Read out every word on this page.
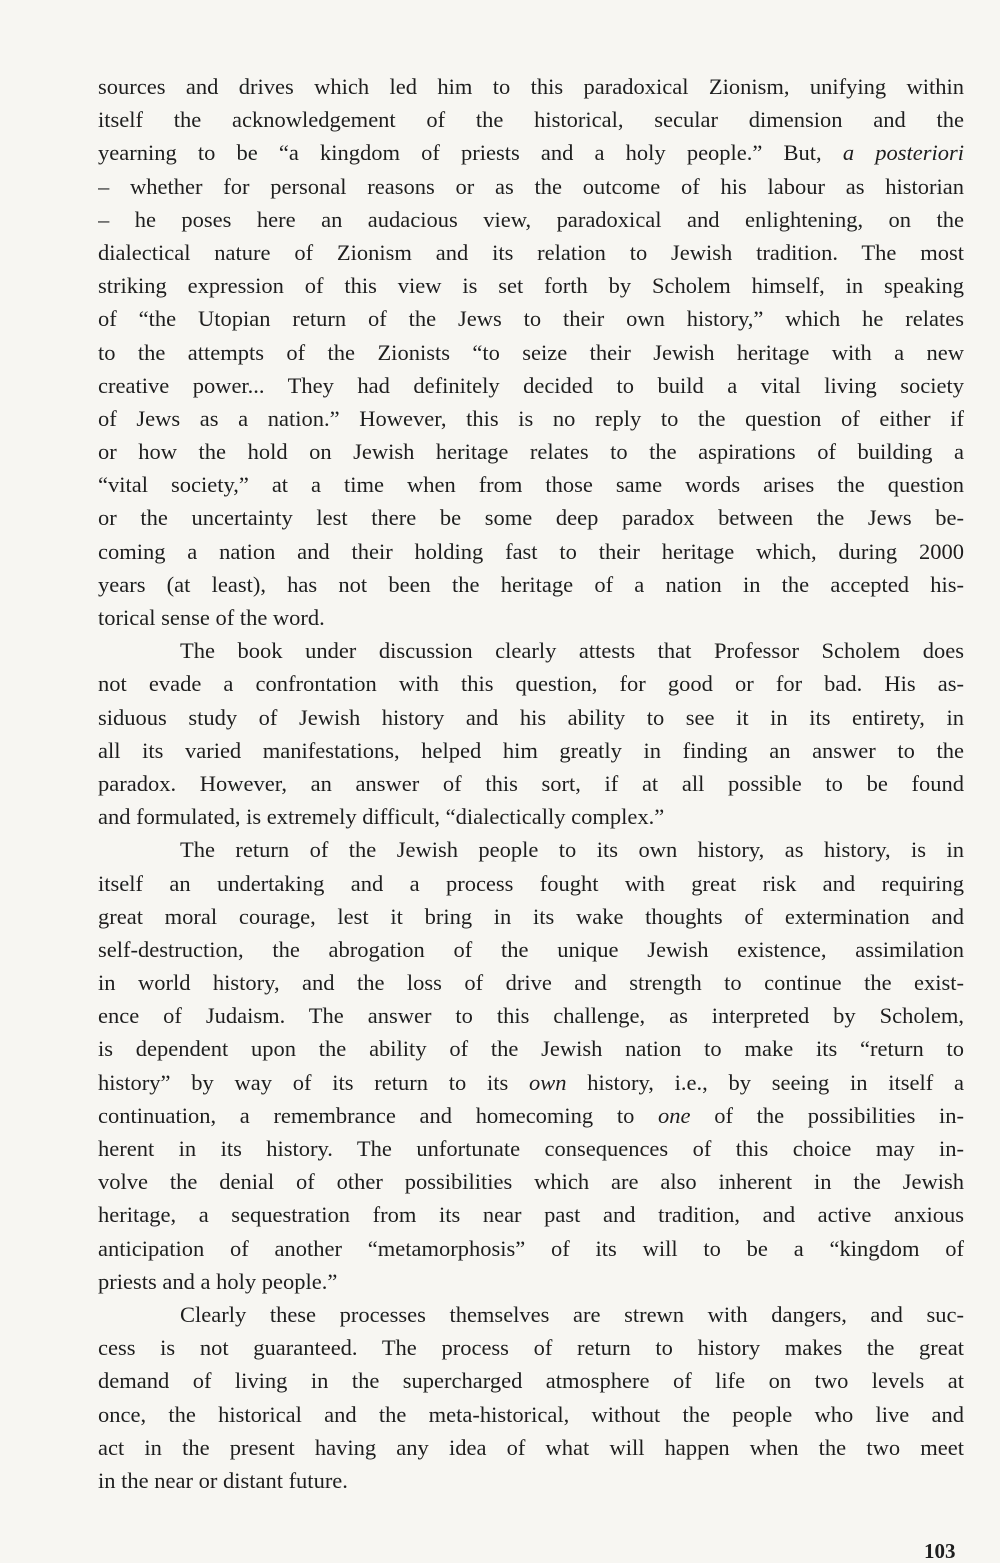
sources and drives which led him to this paradoxical Zionism, unifying within
itself the acknowledgement of the historical, secular dimension and the
yearning to be “a kingdom of priests and a holy people.” But, a posteriori
– whether for personal reasons or as the outcome of his labour as historian
– he poses here an audacious view, paradoxical and enlightening, on the
dialectical nature of Zionism and its relation to Jewish tradition. The most
striking expression of this view is set forth by Scholem himself, in speaking
of “the Utopian return of the Jews to their own history,” which he relates
to the attempts of the Zionists “to seize their Jewish heritage with a new
creative power... They had definitely decided to build a vital living society
of Jews as a nation.” However, this is no reply to the question of either if
or how the hold on Jewish heritage relates to the aspirations of building a
“vital society,” at a time when from those same words arises the question
or the uncertainty lest there be some deep paradox between the Jews be-
coming a nation and their holding fast to their heritage which, during 2000
years (at least), has not been the heritage of a nation in the accepted his-
torical sense of the word.
The book under discussion clearly attests that Professor Scholem does
not evade a confrontation with this question, for good or for bad. His as-
siduous study of Jewish history and his ability to see it in its entirety, in
all its varied manifestations, helped him greatly in finding an answer to the
paradox. However, an answer of this sort, if at all possible to be found
and formulated, is extremely difficult, “dialectically complex.”
The return of the Jewish people to its own history, as history, is in
itself an undertaking and a process fought with great risk and requiring
great moral courage, lest it bring in its wake thoughts of extermination and
self-destruction, the abrogation of the unique Jewish existence, assimilation
in world history, and the loss of drive and strength to continue the exist-
ence of Judaism. The answer to this challenge, as interpreted by Scholem,
is dependent upon the ability of the Jewish nation to make its “return to
history” by way of its return to its own history, i.e., by seeing in itself a
continuation, a remembrance and homecoming to one of the possibilities in-
herent in its history. The unfortunate consequences of this choice may in-
volve the denial of other possibilities which are also inherent in the Jewish
heritage, a sequestration from its near past and tradition, and active anxious
anticipation of another “metamorphosis” of its will to be a “kingdom of
priests and a holy people.”
Clearly these processes themselves are strewn with dangers, and suc-
cess is not guaranteed. The process of return to history makes the great
demand of living in the supercharged atmosphere of life on two levels at
once, the historical and the meta-historical, without the people who live and
act in the present having any idea of what will happen when the two meet
in the near or distant future.
103
